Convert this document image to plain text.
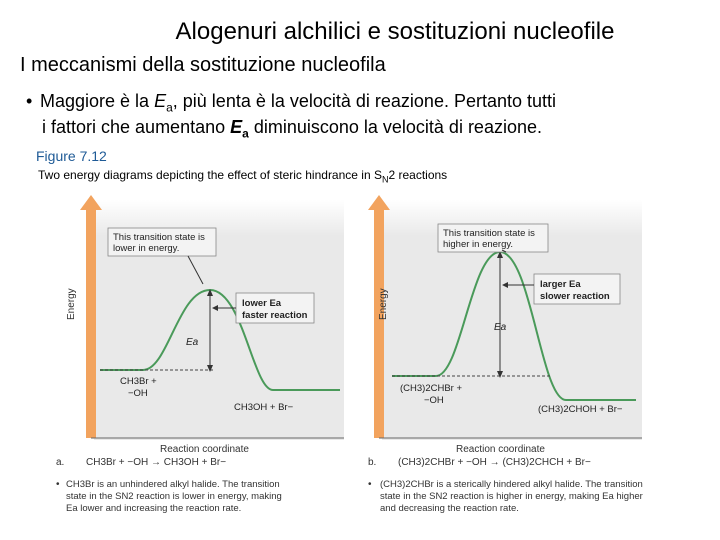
Alogenuri alchilici e sostituzioni nucleofile
I meccanismi della sostituzione nucleofila
• Maggiore è la $E_a$, più lenta è la velocità di reazione. Pertanto tutti
i fattori che aumentano $E_a$ diminuiscono la velocità di reazione.
Figure 7.12
Two energy diagrams depicting the effect of steric hindrance in $S_N2$ reactions
Energy
Reaction coordinate
Ea
This transition state is
lower in energy.
lower Ea
faster reaction
CH3Br +
−OH
CH3OH + Br−
a. CH3Br + −OH → CH3OH + Br−
• CH3Br is an unhindered alkyl halide. The transition
state in the SN2 reaction is lower in energy, making
Ea lower and increasing the reaction rate.
Energy
Reaction coordinate
Ea
This transition state is
higher in energy.
larger Ea
slower reaction
(CH3)2CHBr +
−OH
(CH3)2CHOH + Br−
b. (CH3)2CHBr + −OH → (CH3)2CHCH + Br−
• (CH3)2CHBr is a sterically hindered alkyl halide. The transition
state in the SN2 reaction is higher in energy, making Ea higher
and decreasing the reaction rate.
